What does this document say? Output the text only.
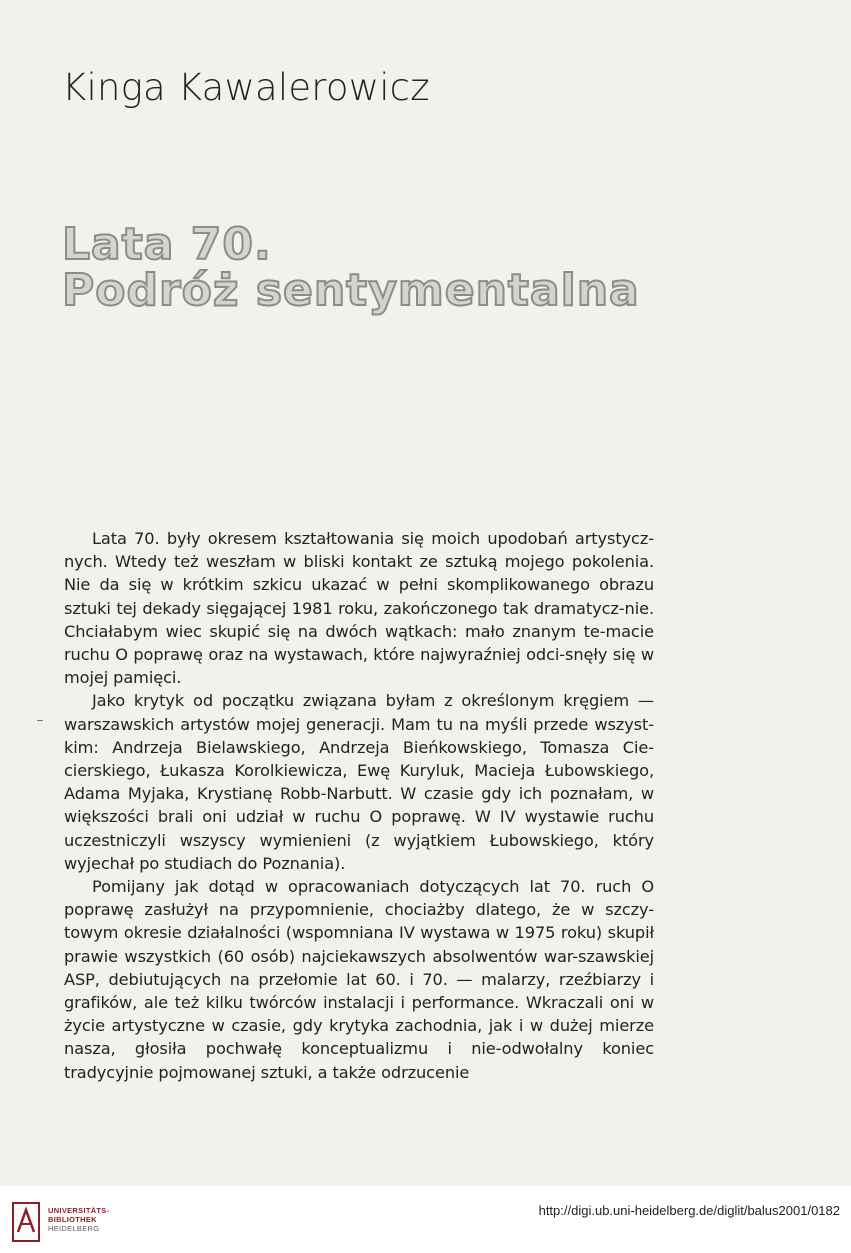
Kinga Kawalerowicz
Lata 70.
Podróż sentymentalna

Lata 70. były okresem kształtowania się moich upodobań artystycz-nych. Wtedy też weszłam w bliski kontakt ze sztuką mojego pokolenia. Nie da się w krótkim szkicu ukazać w pełni skomplikowanego obrazu sztuki tej dekady sięgającej 1981 roku, zakończonego tak dramatycz-nie. Chciałabym wiec skupić się na dwóch wątkach: mało znanym te-macie ruchu O poprawę oraz na wystawach, które najwyraźniej odci-snęły się w mojej pamięci.

Jako krytyk od początku związana byłam z określonym kręgiem — warszawskich artystów mojej generacji. Mam tu na myśli przede wszyst-kim: Andrzeja Bielawskiego, Andrzeja Bieńkowskiego, Tomasza Cie-cierskiego, Łukasza Korolkiewicza, Ewę Kuryluk, Macieja Łubowskiego, Adama Myjaka, Krystianę Robb-Narbutt. W czasie gdy ich poznałam, w większości brali oni udział w ruchu O poprawę. W IV wystawie ruchu uczestniczyli wszyscy wymienieni (z wyjątkiem Łubowskiego, który wyjechał po studiach do Poznania).

Pomijany jak dotąd w opracowaniach dotyczących lat 70. ruch O poprawę zasłużył na przypomnienie, chociażby dlatego, że w szczy-towym okresie działalności (wspomniana IV wystawa w 1975 roku) skupił prawie wszystkich (60 osób) najciekawszych absolwentów war-szawskiej ASP, debiutujących na przełomie lat 60. i 70. — malarzy, rzeźbiarzy i grafików, ale też kilku twórców instalacji i performance. Wkraczali oni w życie artystyczne w czasie, gdy krytyka zachodnia, jak i w dużej mierze nasza, głosiła pochwałę konceptualizmu i nie-odwołalny koniec tradycyjnie pojmowanej sztuki, a także odrzucenie

UNIVERSITÄTS-
BIBLIOTHEK
HEIDELBERG
http://digi.ub.uni-heidelberg.de/diglit/balus2001/0182
